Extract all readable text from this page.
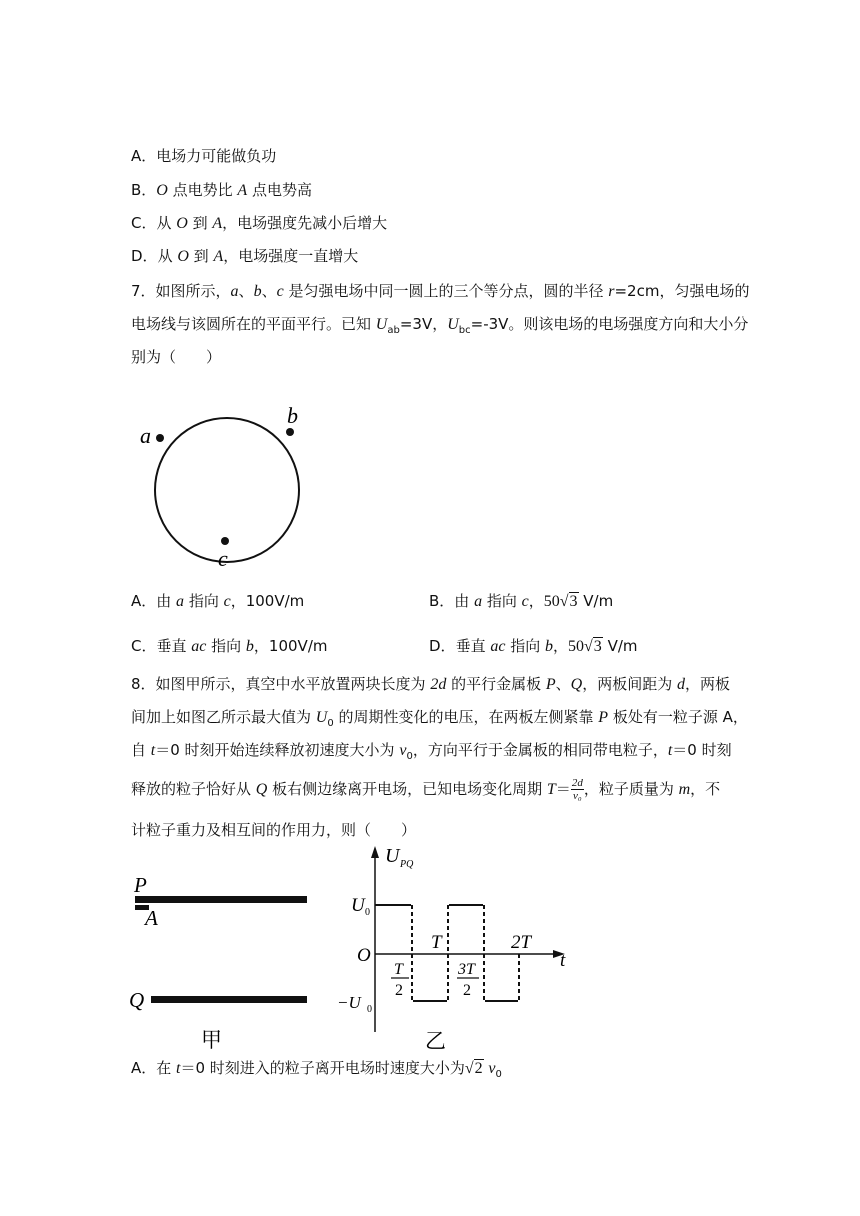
A．电场力可能做负功
B．O 点电势比 A 点电势高
C．从 O 到 A，电场强度先减小后增大
D．从 O 到 A，电场强度一直增大
7．如图所示，a、b、c 是匀强电场中同一圆上的三个等分点，圆的半径 r=2cm，匀强电场的
电场线与该圆所在的平面平行。已知 $U_{ab}=3V$，$U_{bc}=-3V$。则该电场的电场强度方向和大小分
别为（　　）
a
b
c
A．由 a 指向 c，100V/m	B．由 a 指向 c，50√3 V/m
C．垂直 ac 指向 b，100V/m	D．垂直 ac 指向 b，50√3 V/m
8．如图甲所示，真空中水平放置两块长度为 2d 的平行金属板 P、Q，两板间距为 d，两板
间加上如图乙所示最大值为 $U_0$ 的周期性变化的电压，在两板左侧紧靠 P 板处有一粒子源 A，
自 t＝0 时刻开始连续释放初速度大小为 $v_0$，方向平行于金属板的相同带电粒子，t＝0 时刻
释放的粒子恰好从 Q 板右侧边缘离开电场，已知电场变化周期 $T= \frac{2d}{\text{v₀}}$ ，粒子质量为 m，不
计粒子重力及相互间的作用力，则（　　）
P
A
Q
甲
U PQ
U 0
O
T	2T
t
T
2
3T
2
−U 0
乙
A．在 t＝0 时刻进入的粒子离开电场时速度大小为√2 $v_0$
